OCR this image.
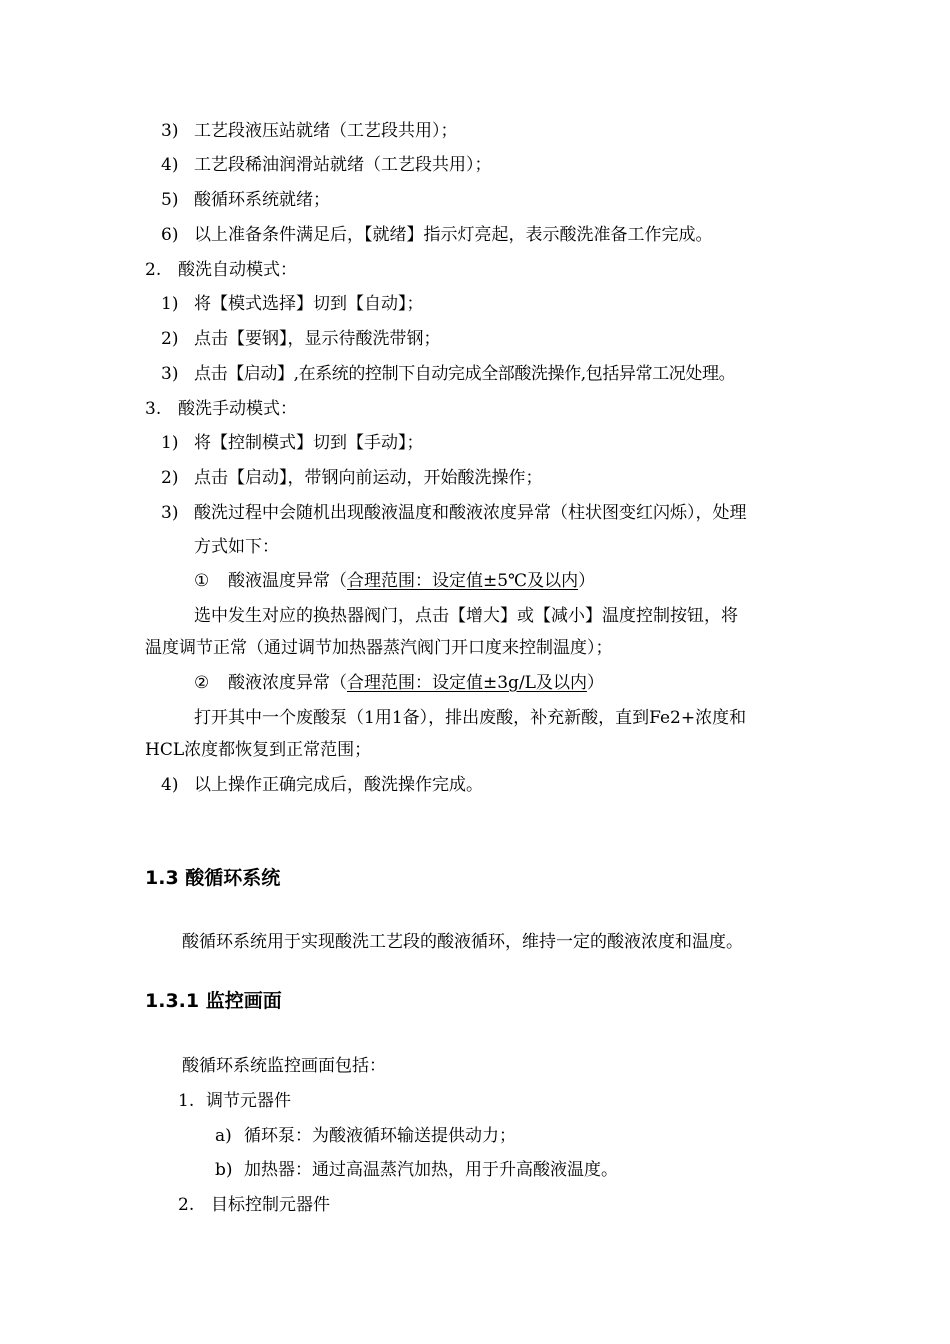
3) 工艺段液压站就绪（工艺段共用）；
4) 工艺段稀油润滑站就绪（工艺段共用）；
5) 酸循环系统就绪；
6) 以上准备条件满足后，【就绪】指示灯亮起，表示酸洗准备工作完成。
2. 酸洗自动模式：
1) 将【模式选择】切到【自动】；
2) 点击【要钢】，显示待酸洗带钢；
3) 点击【启动】,在系统的控制下自动完成全部酸洗操作,包括异常工况处理。
3. 酸洗手动模式：
1) 将【控制模式】切到【手动】；
2) 点击【启动】，带钢向前运动，开始酸洗操作；
3) 酸洗过程中会随机出现酸液温度和酸液浓度异常（柱状图变红闪烁），处理
方式如下：
① 酸液温度异常（合理范围：设定值±5℃及以内）
选中发生对应的换热器阀门，点击【增大】或【减小】温度控制按钮，将
温度调节正常（通过调节加热器蒸汽阀门开口度来控制温度）；
② 酸液浓度异常（合理范围：设定值±3g/L及以内）
打开其中一个废酸泵（1用1备），排出废酸，补充新酸，直到Fe2+浓度和
HCL浓度都恢复到正常范围；
4) 以上操作正确完成后，酸洗操作完成。
1.3 酸循环系统
酸循环系统用于实现酸洗工艺段的酸液循环，维持一定的酸液浓度和温度。
1.3.1 监控画面
酸循环系统监控画面包括：
1. 调节元器件
a) 循环泵：为酸液循环输送提供动力；
b) 加热器：通过高温蒸汽加热，用于升高酸液温度。
2. 目标控制元器件
